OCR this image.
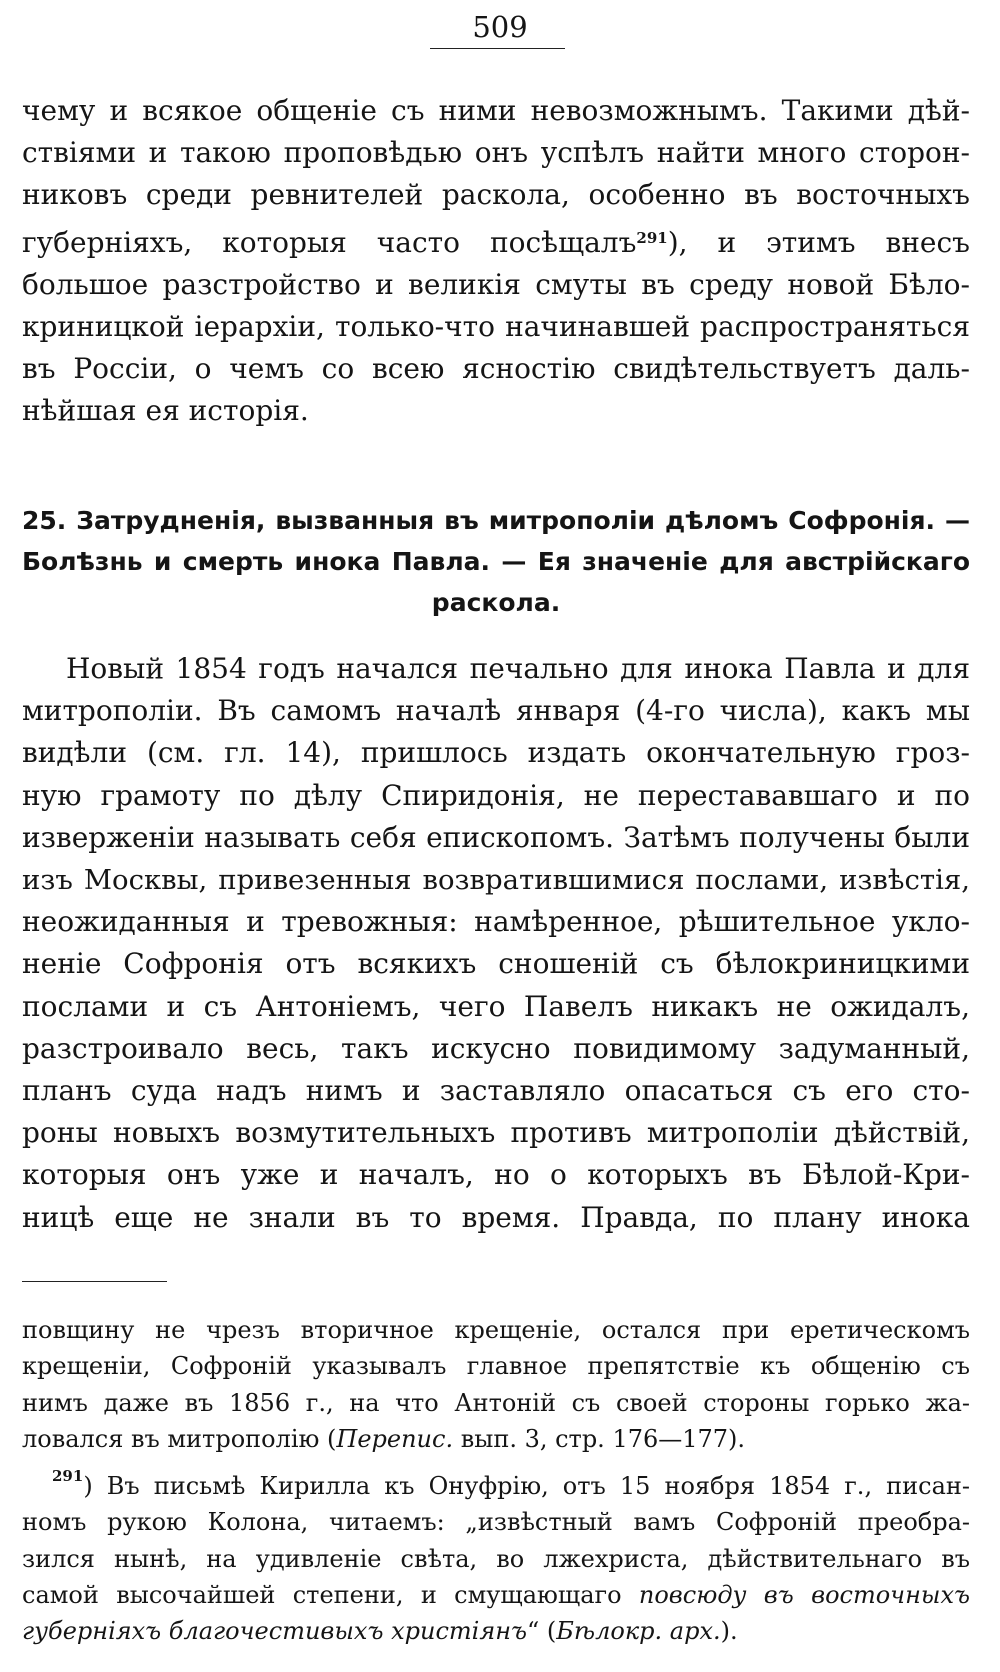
509

чему и всякое общеніе съ ними невозможнымъ. Такими дѣй-

ствіями и такою проповѣдью онъ успѣлъ найти много сторон-

никовъ среди ревнителей раскола, особенно въ восточныхъ

губерніяхъ, которыя часто посѣщалъ$^{291}$), и этимъ внесъ

большое разстройство и великія смуты въ среду новой Бѣло-

криницкой іерархіи, только-что начинавшей распространяться

въ Россіи, о чемъ со всею ясностію свидѣтельствуетъ даль-

нѣйшая ея исторія.

25. Затрудненія, вызванныя въ митрополіи дѣломъ Софронія. —
Болѣзнь и смерть инока Павла. — Ея значеніе для австрійскаго
раскола.

Новый 1854 годъ начался печально для инока Павла и для

митрополіи. Въ самомъ началѣ января (4-го числа), какъ мы

видѣли (см. гл. 14), пришлось издать окончательную гроз-

ную грамоту по дѣлу Спиридонія, не перестававшаго и по

изверженіи называть себя епископомъ. Затѣмъ получены были

изъ Москвы, привезенныя возвратившимися послами, извѣстія,

неожиданныя и тревожныя: намѣренное, рѣшительное укло-

неніе Софронія отъ всякихъ сношеній съ бѣлокриницкими

послами и съ Антоніемъ, чего Павелъ никакъ не ожидалъ,

разстроивало весь, такъ искусно повидимому задуманный,

планъ суда надъ нимъ и заставляло опасаться съ его сто-

роны новыхъ возмутительныхъ противъ митрополіи дѣйствій,

которыя онъ уже и началъ, но о которыхъ въ Бѣлой-Кри-

ницѣ еще не знали въ то время. Правда, по плану инока

повщину не чрезъ вторичное крещеніе, остался при еретическомъ

крещеніи, Софроній указывалъ главное препятствіе къ общенію съ

нимъ даже въ 1856 г., на что Антоній съ своей стороны горько жа-

ловался въ митрополію (Перепис. вып. 3, стр. 176—177).

$^{291}$) Въ письмѣ Кирилла къ Онуфрію, отъ 15 ноября 1854 г., писан-

номъ рукою Колона, читаемъ: „извѣстный вамъ Софроній преобра-

зился нынѣ, на удивленіе свѣта, во лжехриста, дѣйствительнаго въ

самой высочайшей степени, и смущающаго повсюду въ восточныхъ

губерніяхъ благочестивыхъ христіянъ“ (Бѣлокр. арх.).
